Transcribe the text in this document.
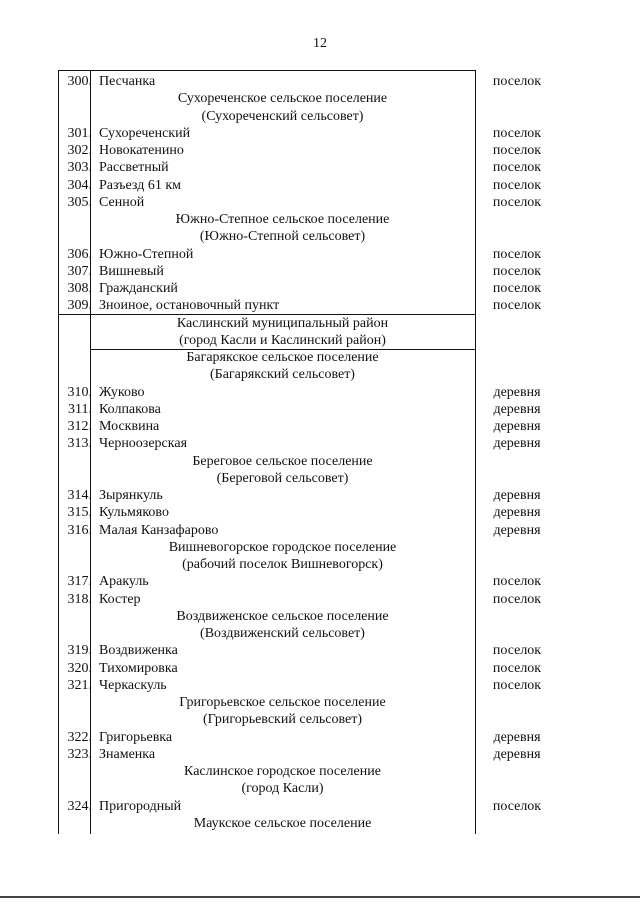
12
300. Песчанка	поселок
Сухореченское сельское поселение
(Сухореченский сельсовет)
301. Сухореченский	поселок
302. Новокатенино	поселок
303. Рассветный	поселок
304. Разъезд 61 км	поселок
305. Сенной	поселок
Южно-Степное сельское поселение
(Южно-Степной сельсовет)
306. Южно-Степной	поселок
307. Вишневый	поселок
308. Гражданский	поселок
309. Зноиное, остановочный пункт	поселок
Каслинский муниципальный район
(город Касли и Каслинский район)
Багарякское сельское поселение
(Багарякский сельсовет)
310. Жуково	деревня
311. Колпакова	деревня
312. Москвина	деревня
313. Черноозерская	деревня
Береговое сельское поселение
(Береговой сельсовет)
314. Зырянкуль	деревня
315. Кульмяково	деревня
316. Малая Канзафарово	деревня
Вишневогорское городское поселение
(рабочий поселок Вишневогорск)
317. Аракуль	поселок
318. Костер	поселок
Воздвиженское сельское поселение
(Воздвиженский сельсовет)
319. Воздвиженка	поселок
320. Тихомировка	поселок
321. Черкаскуль	поселок
Григорьевское сельское поселение
(Григорьевский сельсовет)
322. Григорьевка	деревня
323. Знаменка	деревня
Каслинское городское поселение
(город Касли)
324. Пригородный	поселок
Маукское сельское поселение
